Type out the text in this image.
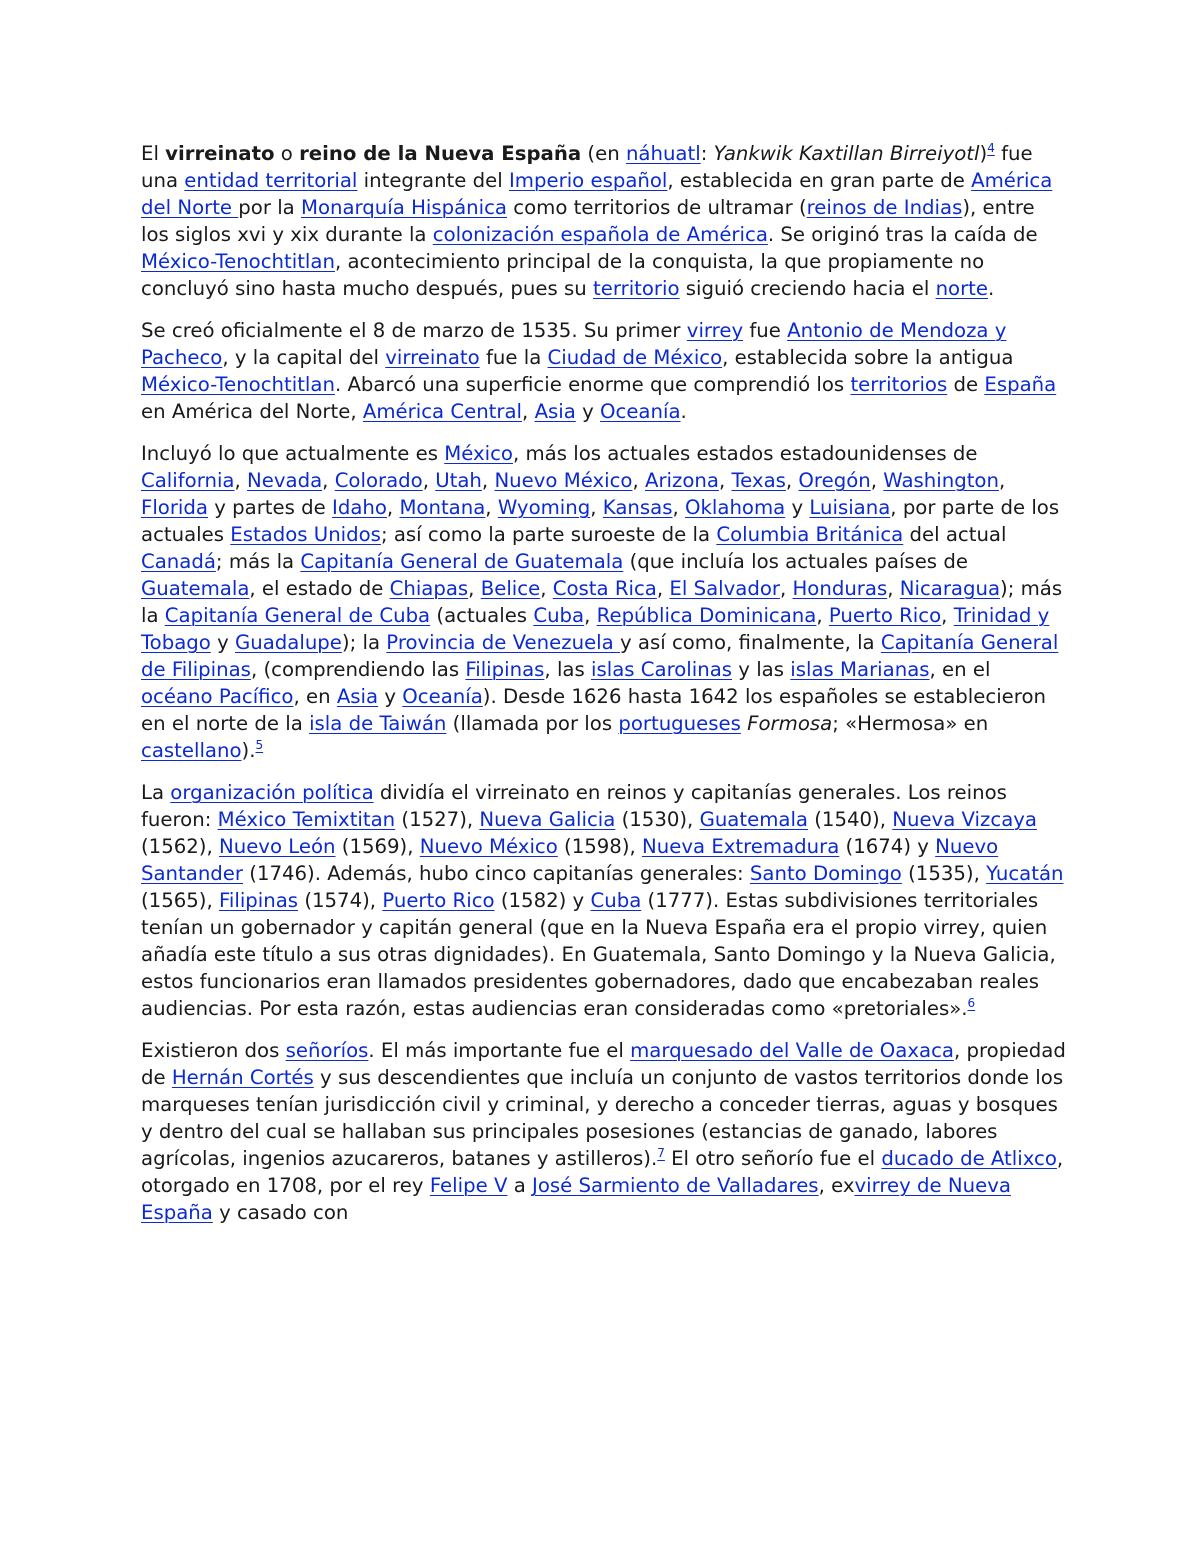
El virreinato o reino de la Nueva España (en náhuatl: Yankwik Kaxtillan Birreiyotl)$^4$ fue una entidad territorial integrante del Imperio español, establecida en gran parte de América del Norte por la Monarquía Hispánica como territorios de ultramar (reinos de Indias), entre los siglos xvi y xix durante la colonización española de América. Se originó tras la caída de México-Tenochtitlan, acontecimiento principal de la conquista, la que propiamente no concluyó sino hasta mucho después, pues su territorio siguió creciendo hacia el norte.

Se creó oficialmente el 8 de marzo de 1535. Su primer virrey fue Antonio de Mendoza y Pacheco, y la capital del virreinato fue la Ciudad de México, establecida sobre la antigua México-Tenochtitlan. Abarcó una superficie enorme que comprendió los territorios de España en América del Norte, América Central, Asia y Oceanía.

Incluyó lo que actualmente es México, más los actuales estados estadounidenses de California, Nevada, Colorado, Utah, Nuevo México, Arizona, Texas, Oregón, Washington, Florida y partes de Idaho, Montana, Wyoming, Kansas, Oklahoma y Luisiana, por parte de los actuales Estados Unidos; así como la parte suroeste de la Columbia Británica del actual Canadá; más la Capitanía General de Guatemala (que incluía los actuales países de Guatemala, el estado de Chiapas, Belice, Costa Rica, El Salvador, Honduras, Nicaragua); más la Capitanía General de Cuba (actuales Cuba, República Dominicana, Puerto Rico, Trinidad y Tobago y Guadalupe); la Provincia de Venezuela y así como, finalmente, la Capitanía General de Filipinas, (comprendiendo las Filipinas, las islas Carolinas y las islas Marianas, en el océano Pacífico, en Asia y Oceanía). Desde 1626 hasta 1642 los españoles se establecieron en el norte de la isla de Taiwán (llamada por los portugueses Formosa; «Hermosa» en castellano).$^5$

La organización política dividía el virreinato en reinos y capitanías generales. Los reinos fueron: México Temixtitan (1527), Nueva Galicia (1530), Guatemala (1540), Nueva Vizcaya (1562), Nuevo León (1569), Nuevo México (1598), Nueva Extremadura (1674) y Nuevo Santander (1746). Además, hubo cinco capitanías generales: Santo Domingo (1535), Yucatán (1565), Filipinas (1574), Puerto Rico (1582) y Cuba (1777). Estas subdivisiones territoriales tenían un gobernador y capitán general (que en la Nueva España era el propio virrey, quien añadía este título a sus otras dignidades). En Guatemala, Santo Domingo y la Nueva Galicia, estos funcionarios eran llamados presidentes gobernadores, dado que encabezaban reales audiencias. Por esta razón, estas audiencias eran consideradas como «pretoriales».$^6$

Existieron dos señoríos. El más importante fue el marquesado del Valle de Oaxaca, propiedad de Hernán Cortés y sus descendientes que incluía un conjunto de vastos territorios donde los marqueses tenían jurisdicción civil y criminal, y derecho a conceder tierras, aguas y bosques y dentro del cual se hallaban sus principales posesiones (estancias de ganado, labores agrícolas, ingenios azucareros, batanes y astilleros).$^7$ El otro señorío fue el ducado de Atlixco, otorgado en 1708, por el rey Felipe V a José Sarmiento de Valladares, exvirrey de Nueva España y casado con
